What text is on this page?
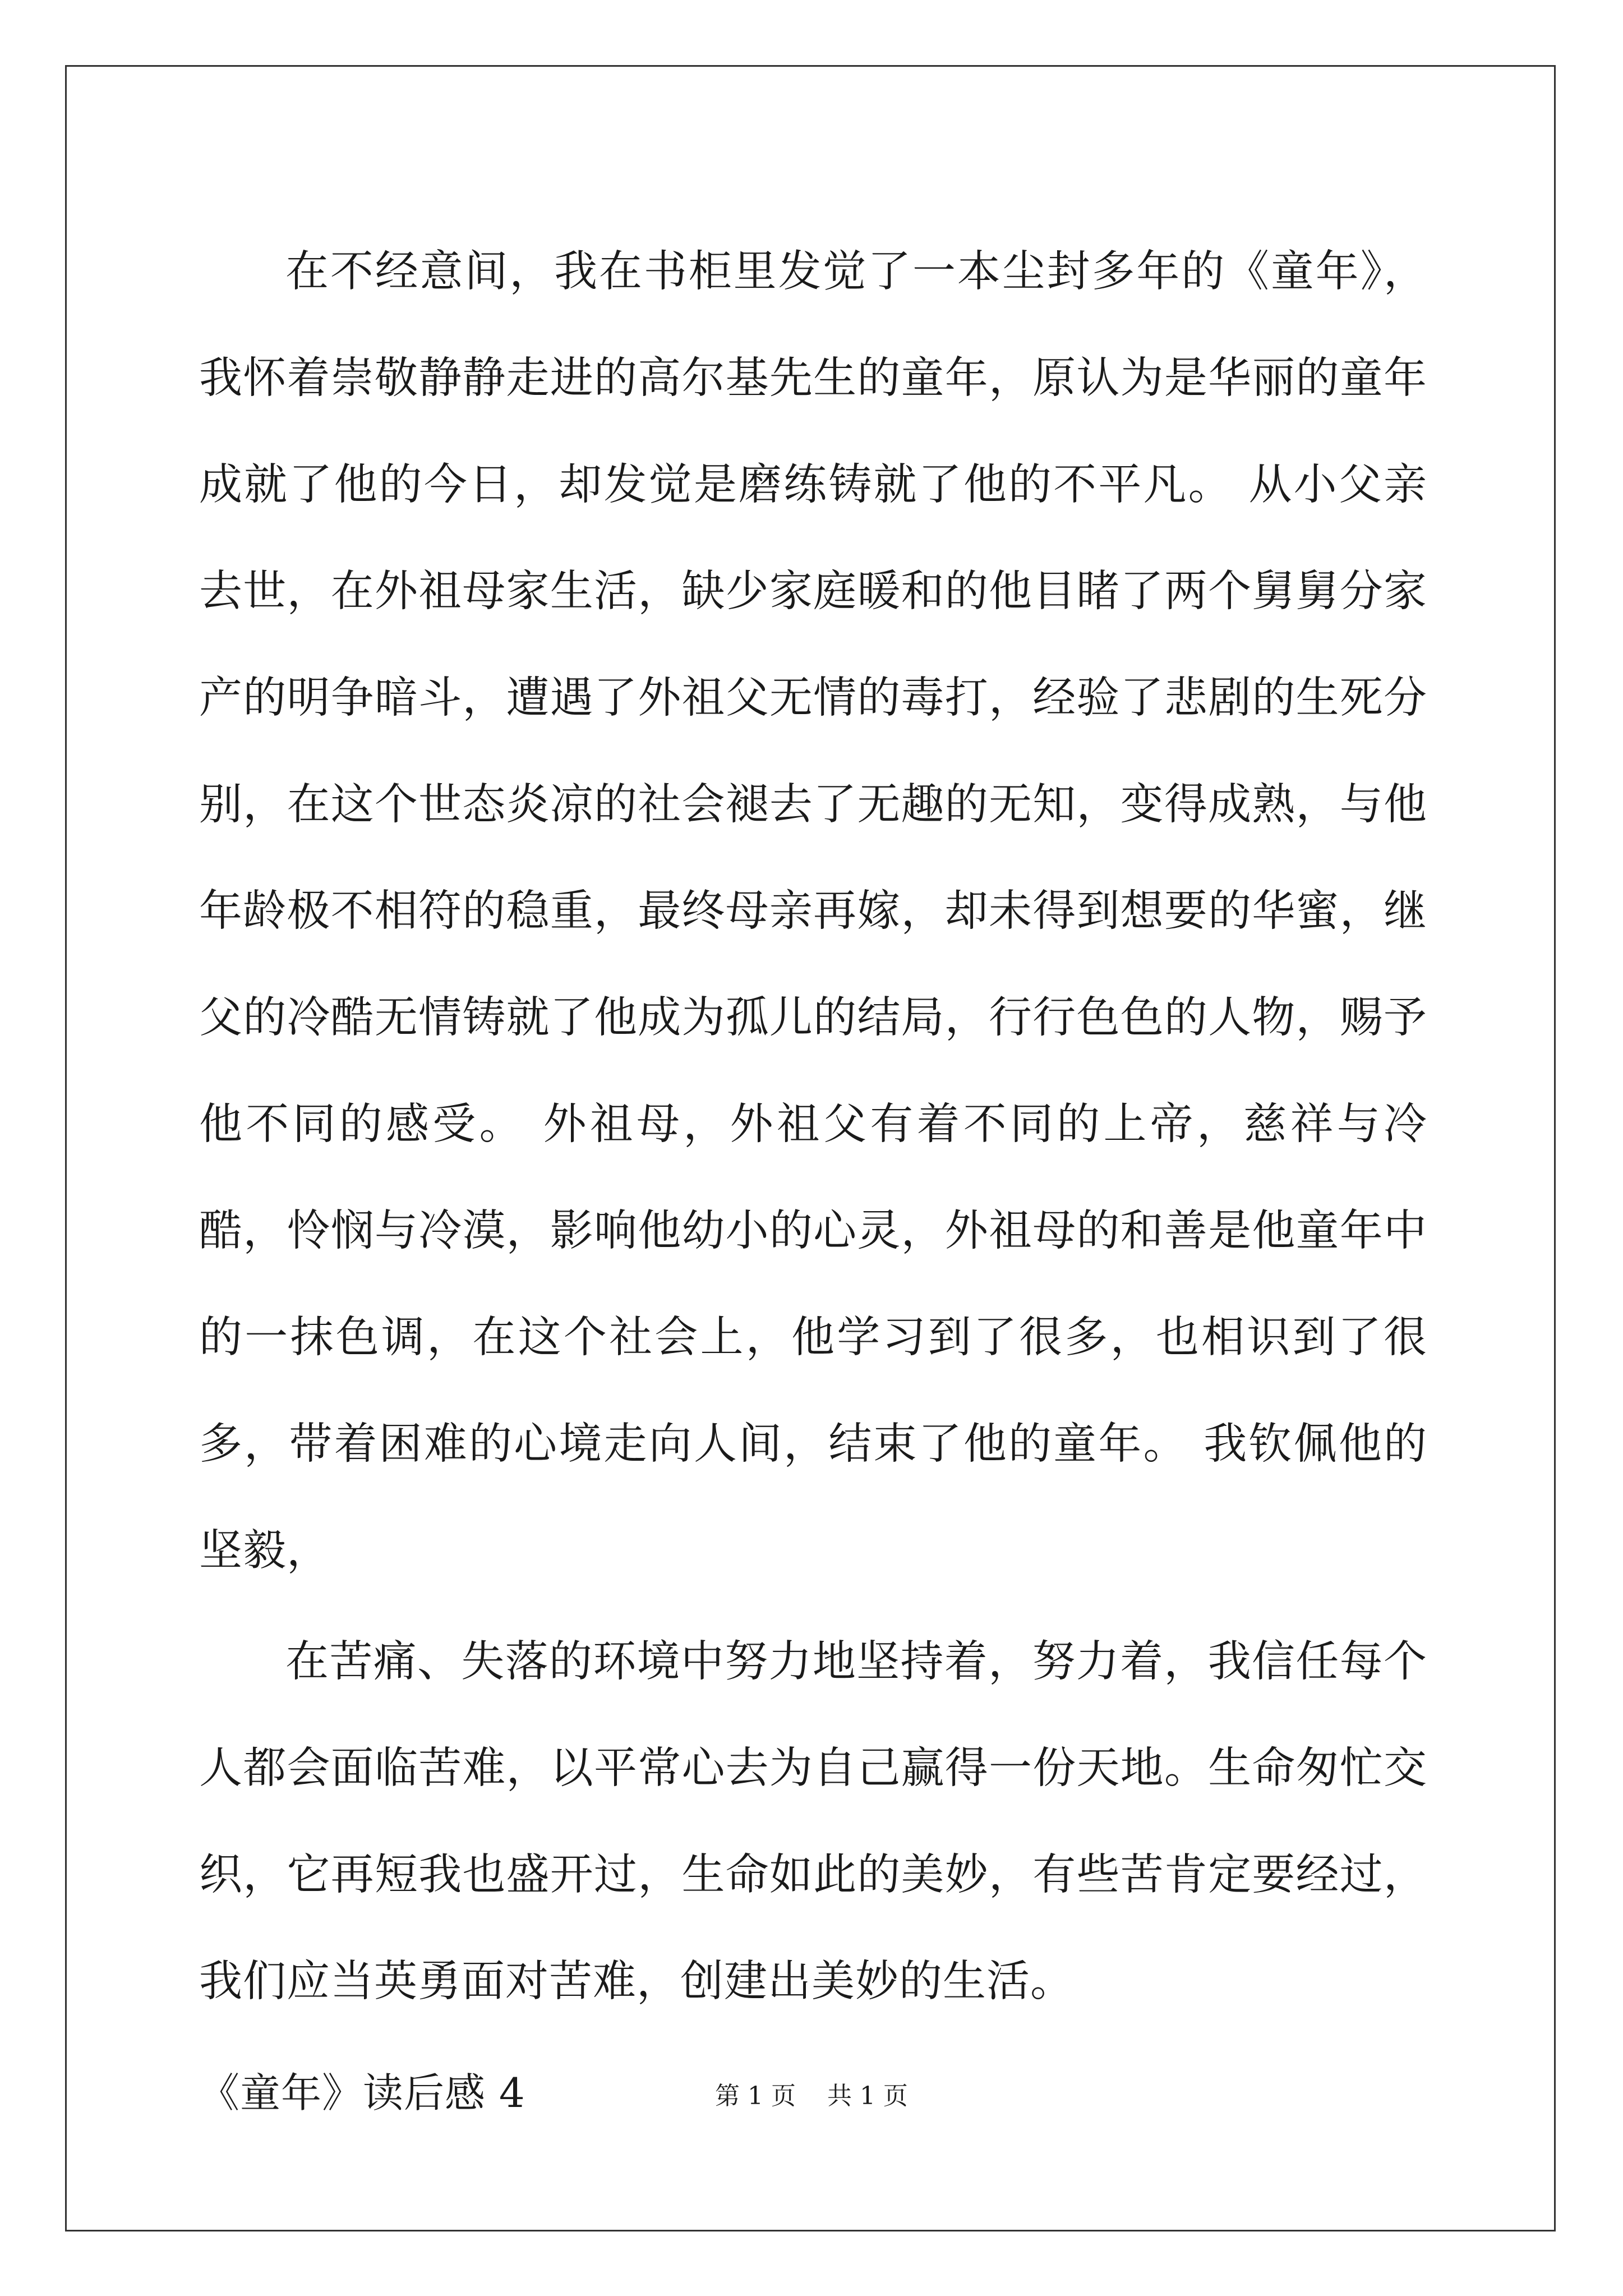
在不经意间，我在书柜里发觉了一本尘封多年的《童年》，我怀着崇敬静静走进的高尔基先生的童年，原认为是华丽的童年成就了他的今日，却发觉是磨练铸就了他的不平凡。 从小父亲去世，在外祖母家生活，缺少家庭暖和的他目睹了两个舅舅分家产的明争暗斗，遭遇了外祖父无情的毒打，经验了悲剧的生死分别，在这个世态炎凉的社会褪去了无趣的无知，变得成熟，与他年龄极不相符的稳重，最终母亲再嫁，却未得到想要的华蜜，继父的冷酷无情铸就了他成为孤儿的结局，行行色色的人物，赐予他不同的感受。 外祖母，外祖父有着不同的上帝，慈祥与冷酷，怜悯与冷漠，影响他幼小的心灵，外祖母的和善是他童年中的一抹色调，在这个社会上，他学习到了很多，也相识到了很多，带着困难的心境走向人间，结束了他的童年。 我钦佩他的坚毅，

在苦痛、失落的环境中努力地坚持着，努力着，我信任每个人都会面临苦难，以平常心去为自己赢得一份天地。生命匆忙交织，它再短我也盛开过，生命如此的美妙，有些苦肯定要经过，我们应当英勇面对苦难，创建出美妙的生活。

《童年》读后感 4	第 1 页    共 1 页
